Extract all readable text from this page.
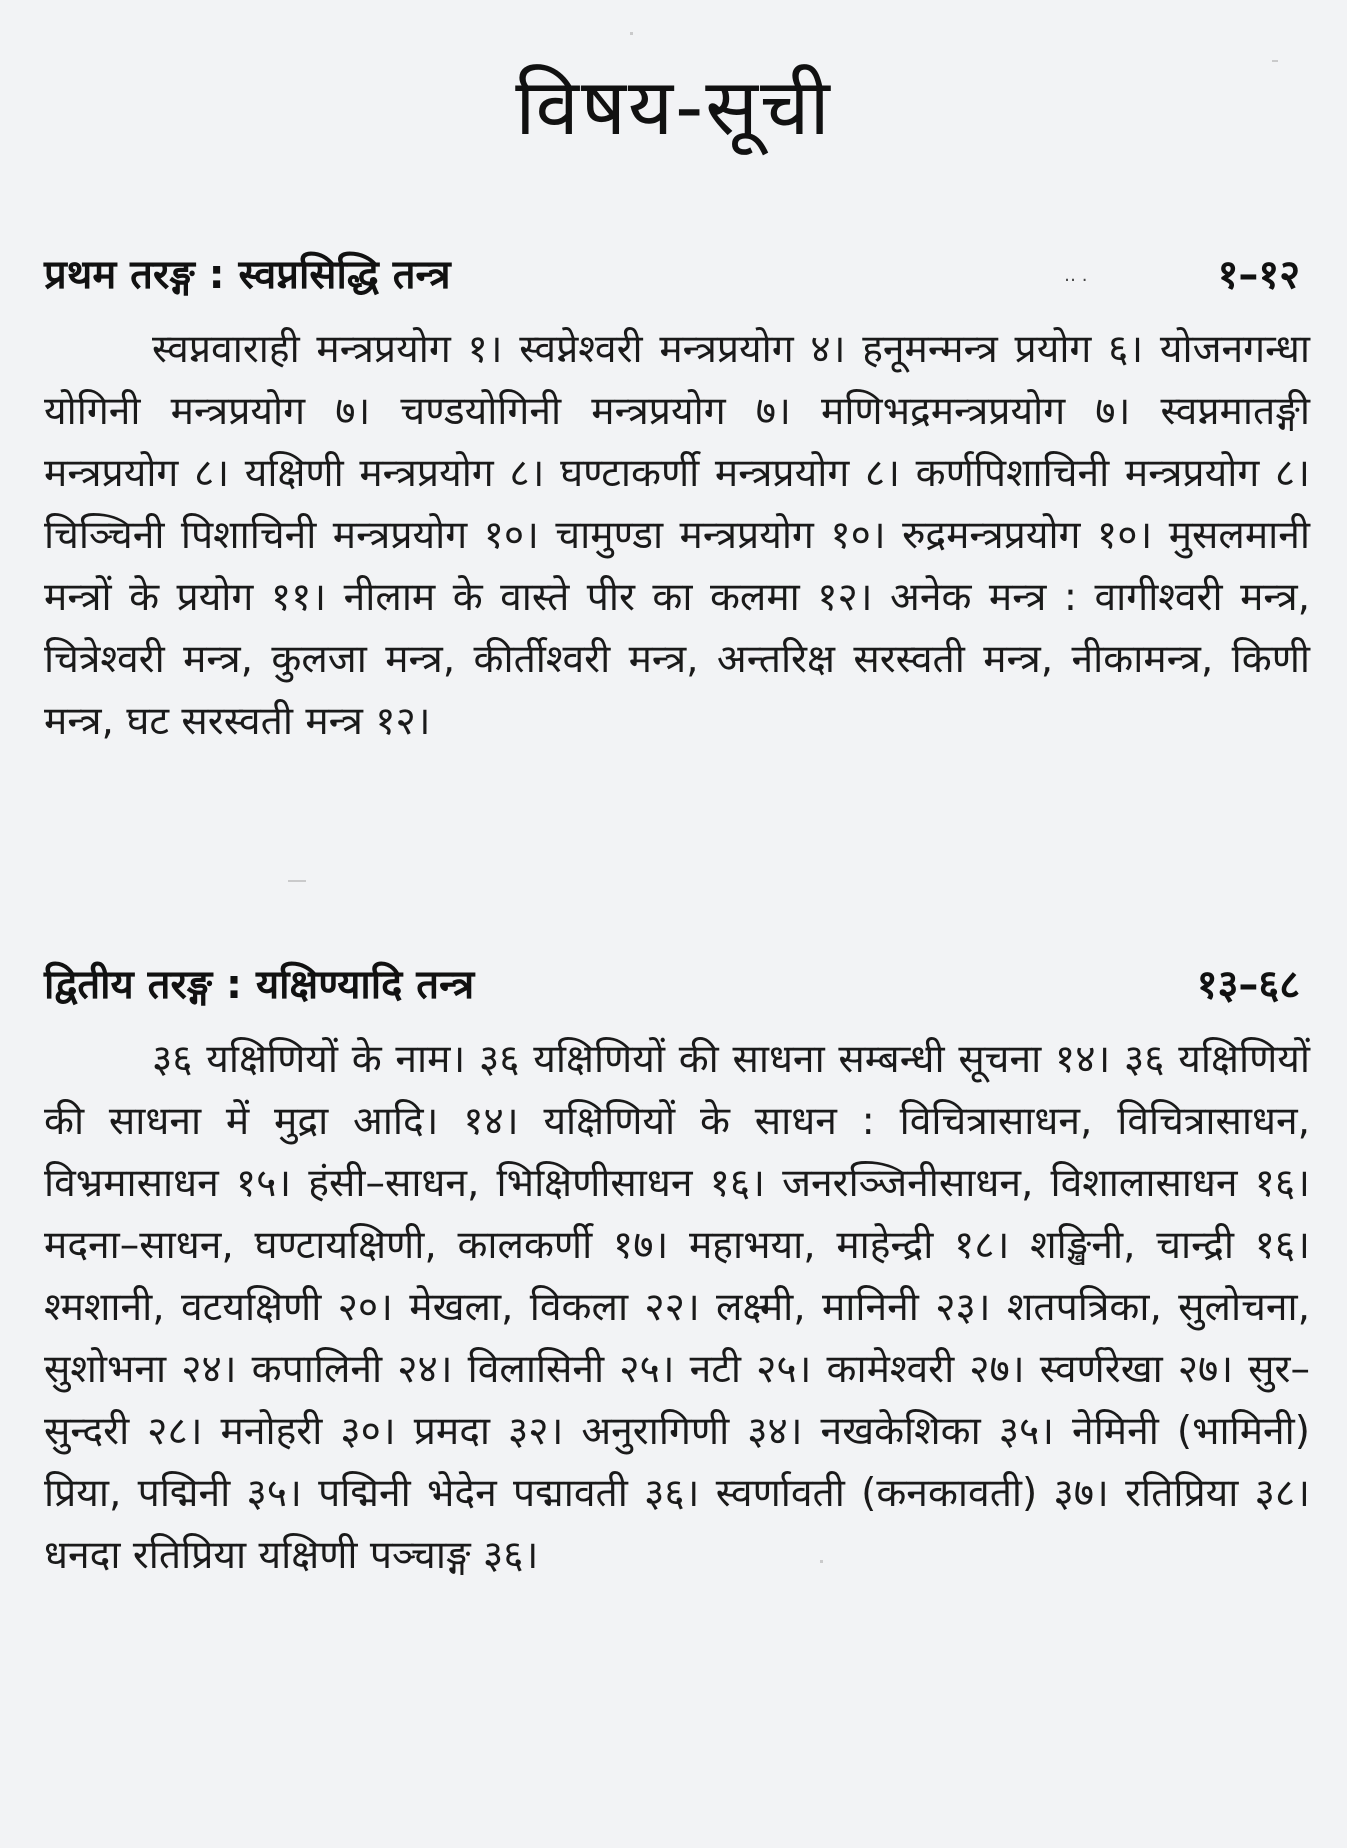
विषय-सूची
प्रथम तरङ्ग : स्वप्नसिद्धि तन्त्र	‥ .	१–१२

स्वप्नवाराही मन्त्रप्रयोग १। स्वप्नेश्वरी मन्त्रप्रयोग ४। हनूमन्मन्त्र प्रयोग ६। योजनगन्धा योगिनी मन्त्रप्रयोग ७। चण्डयोगिनी मन्त्रप्रयोग ७। मणिभद्रमन्त्रप्रयोग ७। स्वप्नमातङ्गी मन्त्रप्रयोग ८। यक्षिणी मन्त्रप्रयोग ८। घण्टाकर्णी मन्त्रप्रयोग ८। कर्णपिशाचिनी मन्त्रप्रयोग ८। चिञ्चिनी पिशाचिनी मन्त्रप्रयोग १०। चामुण्डा मन्त्रप्रयोग १०। रुद्रमन्त्रप्रयोग १०। मुसलमानी मन्त्रों के प्रयोग ११। नीलाम के वास्ते पीर का कलमा १२। अनेक मन्त्र : वागीश्वरी मन्त्र, चित्रेश्वरी मन्त्र, कुलजा मन्त्र, कीर्तीश्वरी मन्त्र, अन्तरिक्ष सरस्वती मन्त्र, नीकामन्त्र, किणी मन्त्र, घट सरस्वती मन्त्र १२।

द्वितीय तरङ्ग : यक्षिण्यादि तन्त्र	१३–६८

३६ यक्षिणियों के नाम। ३६ यक्षिणियों की साधना सम्बन्धी सूचना १४। ३६ यक्षिणियों की साधना में मुद्रा आदि। १४। यक्षिणियों के साधन : विचित्रासाधन, विचित्रासाधन, विभ्रमासाधन १५। हंसी–साधन, भिक्षिणीसाधन १६। जनरञ्जिनीसाधन, विशालासाधन १६। मदना–साधन, घण्टायक्षिणी, कालकर्णी १७। महाभया, माहेन्द्री १८। शङ्खिनी, चान्द्री १६। श्मशानी, वटयक्षिणी २०। मेखला, विकला २२। लक्ष्मी, मानिनी २३। शतपत्रिका, सुलोचना, सुशोभना २४। कपालिनी २४। विलासिनी २५। नटी २५। कामेश्वरी २७। स्वर्णरेखा २७। सुर–सुन्दरी २८। मनोहरी ३०। प्रमदा ३२। अनुरागिणी ३४। नखकेशिका ३५। नेमिनी (भामिनी) प्रिया, पद्मिनी ३५। पद्मिनी भेदेन पद्मावती ३६। स्वर्णावती (कनकावती) ३७। रतिप्रिया ३८। धनदा रतिप्रिया यक्षिणी पञ्चाङ्ग ३६।
